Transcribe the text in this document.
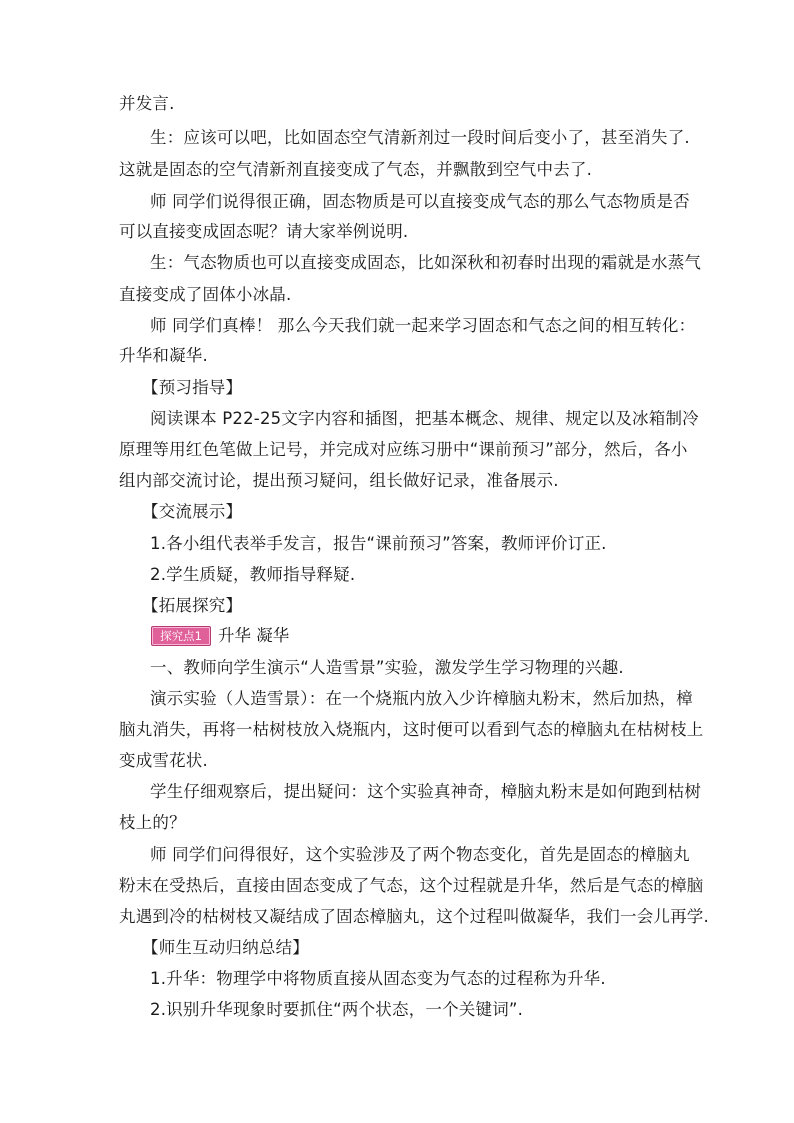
并发言.
生：应该可以吧，比如固态空气清新剂过一段时间后变小了，甚至消失了.
这就是固态的空气清新剂直接变成了气态，并飘散到空气中去了.
师 同学们说得很正确，固态物质是可以直接变成气态的那么气态物质是否
可以直接变成固态呢？请大家举例说明.
生：气态物质也可以直接变成固态，比如深秋和初春时出现的霜就是水蒸气
直接变成了固体小冰晶.
师 同学们真棒！ 那么今天我们就一起来学习固态和气态之间的相互转化：
升华和凝华.
【预习指导】
阅读课本 P22-25文字内容和插图，把基本概念、规律、规定以及冰箱制冷
原理等用红色笔做上记号，并完成对应练习册中“课前预习”部分，然后，各小
组内部交流讨论，提出预习疑问，组长做好记录，准备展示.
【交流展示】
1.各小组代表举手发言，报告“课前预习”答案，教师评价订正.
2.学生质疑，教师指导释疑.
【拓展探究】
探究点1 升华 凝华
一、教师向学生演示“人造雪景”实验，激发学生学习物理的兴趣.
演示实验（人造雪景）：在一个烧瓶内放入少许樟脑丸粉末，然后加热，樟
脑丸消失，再将一枯树枝放入烧瓶内，这时便可以看到气态的樟脑丸在枯树枝上
变成雪花状.
学生仔细观察后，提出疑问：这个实验真神奇，樟脑丸粉末是如何跑到枯树
枝上的？
师 同学们问得很好，这个实验涉及了两个物态变化，首先是固态的樟脑丸
粉末在受热后，直接由固态变成了气态，这个过程就是升华，然后是气态的樟脑
丸遇到冷的枯树枝又凝结成了固态樟脑丸，这个过程叫做凝华，我们一会儿再学.
【师生互动归纳总结】
1.升华：物理学中将物质直接从固态变为气态的过程称为升华.
2.识别升华现象时要抓住“两个状态，一个关键词”.
